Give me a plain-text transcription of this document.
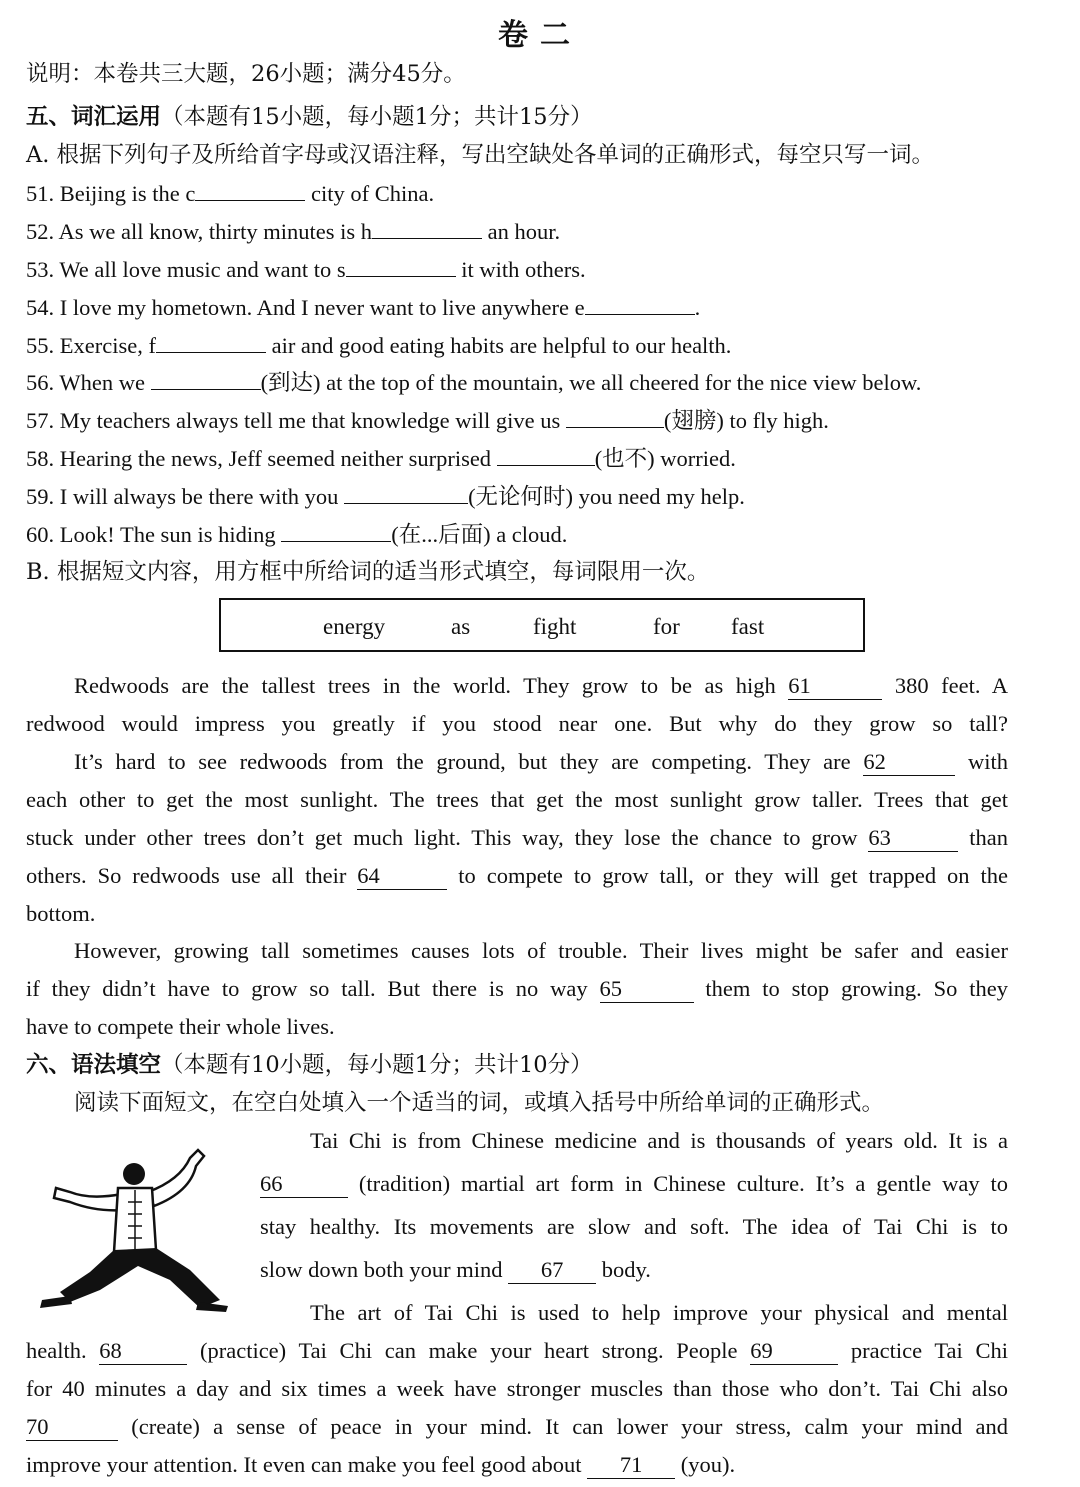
卷二
说明：本卷共三大题，26小题；满分45分。
五、词汇运用（本题有15小题，每小题1分；共计15分）
A. 根据下列句子及所给首字母或汉语注释，写出空缺处各单词的正确形式，每空只写一词。
51. Beijing is the c	city of China.
52. As we all know, thirty minutes is h	an hour.
53. We all love music and want to s	it with others.
54. I love my hometown. And I never want to live anywhere e	.
55. Exercise, f	air and good eating habits are helpful to our health.
56. When we	(到达) at the top of the mountain, we all cheered for the nice view below.
57. My teachers always tell me that knowledge will give us	(翅膀) to fly high.
58. Hearing the news, Jeff seemed neither surprised	(也不) worried.
59. I will always be there with you	(无论何时) you need my help.
60. Look! The sun is hiding	(在...后面) a cloud.
B. 根据短文内容，用方框中所给词的适当形式填空，每词限用一次。
energy	as	fight	for fast
Redwoods are the tallest trees in the world. They grow to be as high 61	380 feet. A
redwood would impress you greatly if you stood near one. But why do they grow so tall?
It’s hard to see redwoods from the ground, but they are competing. They are 62	with
each other to get the most sunlight. The trees that get the most sunlight grow taller. Trees that get
stuck under other trees don’t get much light. This way, they lose the chance to grow 63	than
others. So redwoods use all their 64	to compete to grow tall, or they will get trapped on the
bottom.
However, growing tall sometimes causes lots of trouble. Their lives might be safer and easier
if they didn’t have to grow so tall. But there is no way 65	them to stop growing. So they
have to compete their whole lives.
六、语法填空（本题有10小题，每小题1分；共计10分）
阅读下面短文，在空白处填入一个适当的词，或填入括号中所给单词的正确形式。
Tai Chi is from Chinese medicine and is thousands of years old. It is a
66	(tradition) martial art form in Chinese culture. It’s a gentle way to
stay healthy. Its movements are slow and soft. The idea of Tai Chi is to
slow down both your mind 67 body.
The art of Tai Chi is used to help improve your physical and mental
health. 68	(practice) Tai Chi can make your heart strong. People 69	practice Tai Chi
for 40 minutes a day and six times a week have stronger muscles than those who don’t. Tai Chi also
70	(create) a sense of peace in your mind. It can lower your stress, calm your mind and
improve your attention. It even can make you feel good about 71 (you).
